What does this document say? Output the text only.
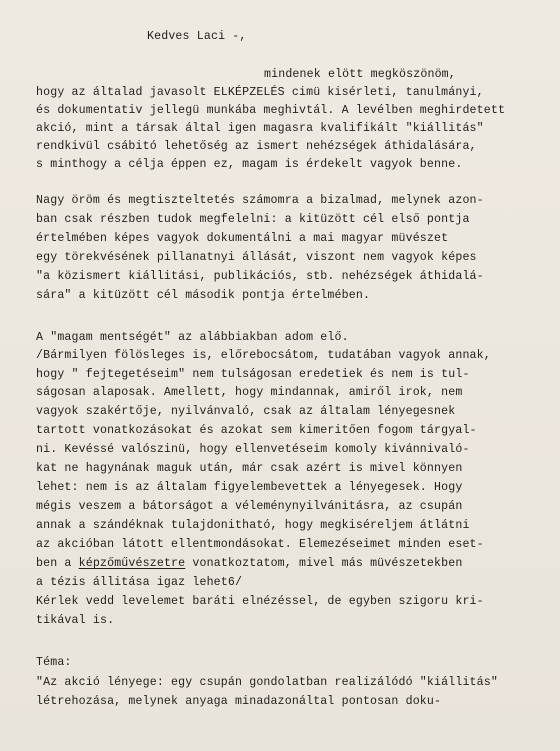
Kedves Laci -,
mindenek elött megköszönöm,
hogy az általad javasolt ELKÉPZELÉS cimü kisérleti, tanulmányi,
és dokumentativ jellegü munkába meghivtál. A levélben meghirdetett
akció, mint a társak által igen magasra kvalifikált "kiállitás"
rendkivül csábitó lehetőség az ismert nehézségek áthidalására,
s minthogy a célja éppen ez, magam is érdekelt vagyok benne.
Nagy öröm és megtiszteltetés számomra a bizalmad, melynek azon-
ban csak részben tudok megfelelni: a kitüzött cél első pontja
értelmében képes vagyok dokumentálni a mai magyar müvészet
egy törekvésének pillanatnyi állását, viszont nem vagyok képes
"a közismert kiállitási, publikációs, stb. nehézségek áthidalá-
sára" a kitüzött cél második pontja értelmében.
A "magam mentségét" az alábbiakban adom elő.
/Bármilyen fölösleges is, előrebocsátom, tudatában vagyok annak,
hogy " fejtegetéseim" nem tulságosan eredetiek és nem is tul-
ságosan alaposak. Amellett, hogy mindannak, amiről irok, nem
vagyok szakértője, nyilvánvaló, csak az általam lényegesnek
tartott vonatkozásokat és azokat sem kimeritően fogom tárgyal-
ni. Kevéssé valószinü, hogy ellenvetéseim komoly kivánnivaló-
kat ne hagynának maguk után, már csak azért is mivel könnyen
lehet: nem is az általam figyelembevettek a lényegesek. Hogy
mégis veszem a bátorságot a véleménynyilvánitásra, az csupán
annak a szándéknak tulajdonitható, hogy megkiséreljem átlátni
az akcióban látott ellentmondásokat. Elemezéseimet minden eset-
ben a képzőművészetre vonatkoztatom, mivel más müvészetekben
a tézis állitása igaz lehet6/
Kérlek vedd levelemet baráti elnézéssel, de egyben szigoru kri-
tikával is.
Téma:
"Az akció lényege: egy csupán gondolatban realizálódó "kiállitás"
létrehozása, melynek anyaga minadazonáltal pontosan doku-
